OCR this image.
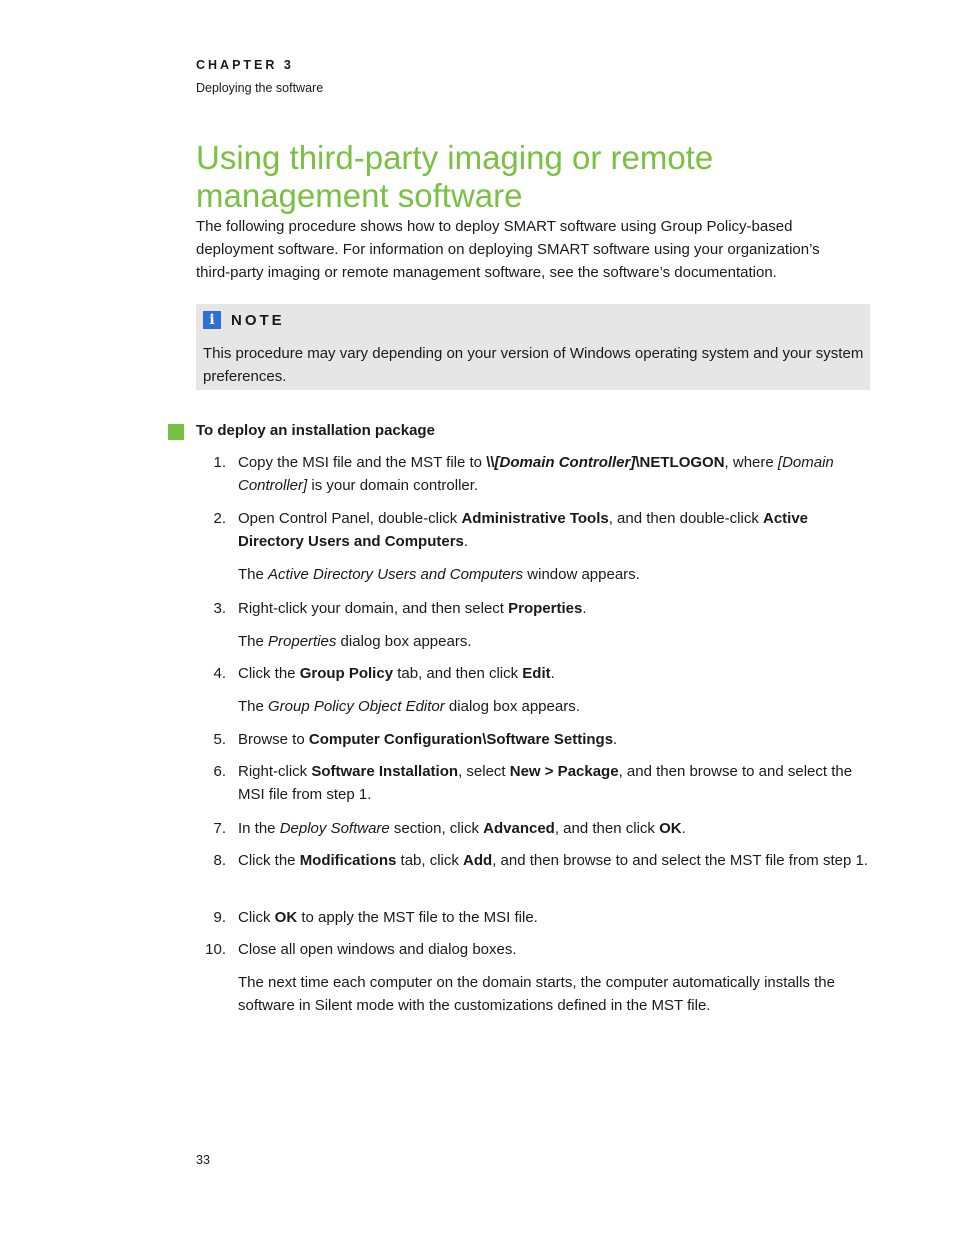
CHAPTER 3
Deploying the software
Using third-party imaging or remote management software

The following procedure shows how to deploy SMART software using Group Policy-based deployment software. For information on deploying SMART software using your organization’s third-party imaging or remote management software, see the software’s documentation.

i	NOTE

This procedure may vary depending on your version of Windows operating system and your system preferences.

To deploy an installation package
1. Copy the MSI file and the MST file to \\[Domain Controller]\NETLOGON, where [Domain Controller] is your domain controller.
2. Open Control Panel, double-click Administrative Tools, and then double-click Active Directory Users and Computers.
The Active Directory Users and Computers window appears.
3. Right-click your domain, and then select Properties.
The Properties dialog box appears.
4. Click the Group Policy tab, and then click Edit.
The Group Policy Object Editor dialog box appears.
5. Browse to Computer Configuration\Software Settings.
6. Right-click Software Installation, select New > Package, and then browse to and select the MSI file from step 1.
7. In the Deploy Software section, click Advanced, and then click OK.
8. Click the Modifications tab, click Add, and then browse to and select the MST file from step 1.
9. Click OK to apply the MST file to the MSI file.
10. Close all open windows and dialog boxes.
The next time each computer on the domain starts, the computer automatically installs the software in Silent mode with the customizations defined in the MST file.
33
